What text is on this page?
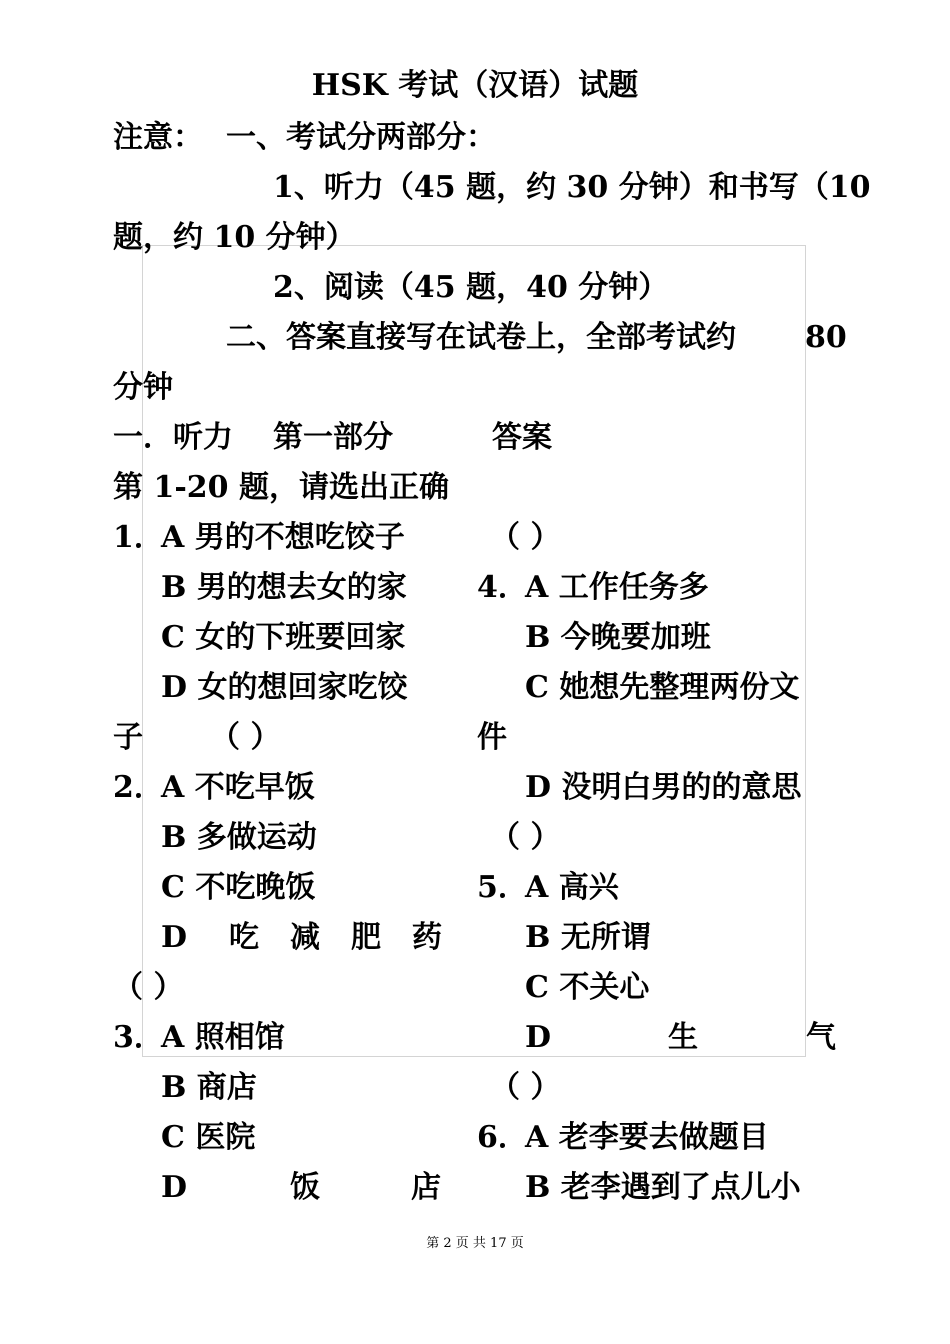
HSK 考试（汉语）试题
注意： 一、考试分两部分：
1、听力（45 题，约 30 分钟）和书写（10
题，约 10 分钟）
2、阅读（45 题，40 分钟）
二、答案直接写在试卷上，全部考试约 80
分钟
一．听力 第一部分	答案
第 1-20 题，请选出正确
1．
A 男的不想吃饺子
B 男的想去女的家
C 女的下班要回家
D 女的想回家吃饺
子 （ ）
2．
A 不吃早饭
B 多做运动
C 不吃晚饭
D 吃 减 肥 药
（ ）
3．
A 照相馆
B 商店
C 医院
D	饭	店
（ ）
4．
A 工作任务多
B 今晚要加班
C 她想先整理两份文
件
D 没明白男的的意思
（ ）
5．
A 高兴
B 无所谓
C 不关心
D	生	气
（ ）
6．
A 老李要去做题目
B 老李遇到了点儿小
第 2 页 共 17 页
